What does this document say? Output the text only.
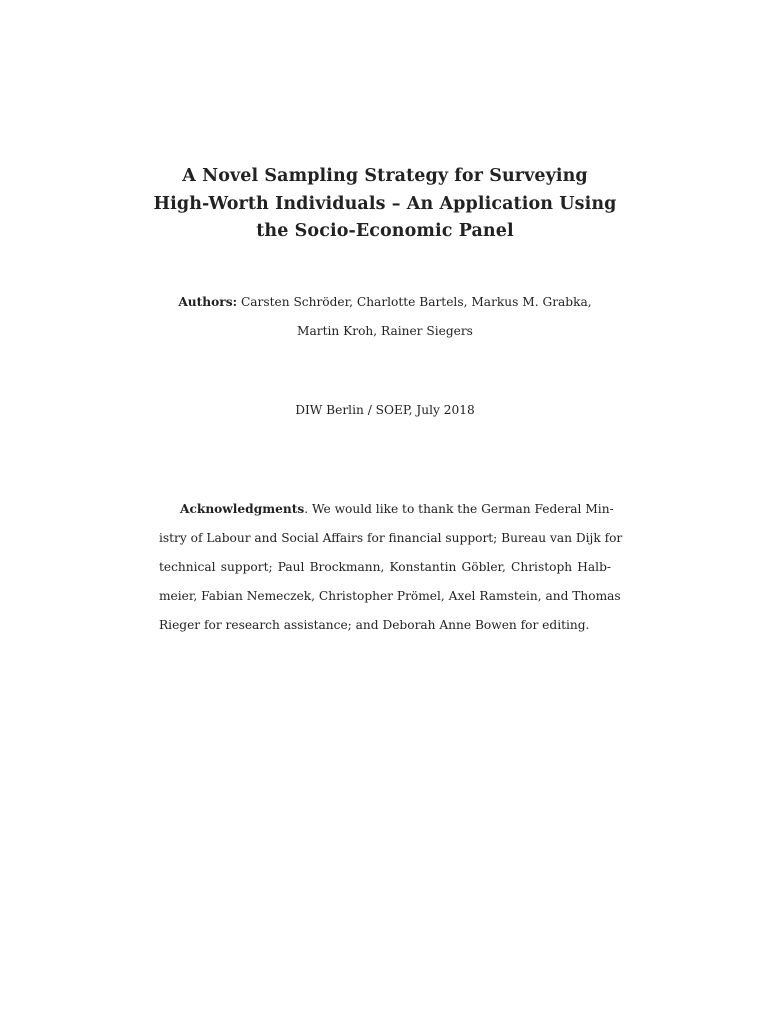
A Novel Sampling Strategy for Surveying
High-Worth Individuals – An Application Using
the Socio-Economic Panel
Authors: Carsten Schröder, Charlotte Bartels, Markus M. Grabka,
Martin Kroh, Rainer Siegers
DIW Berlin / SOEP, July 2018
Acknowledgments. We would like to thank the German Federal Min-
istry of Labour and Social Affairs for financial support; Bureau van Dijk for
technical support; Paul Brockmann, Konstantin Göbler, Christoph Halb-
meier, Fabian Nemeczek, Christopher Prömel, Axel Ramstein, and Thomas
Rieger for research assistance; and Deborah Anne Bowen for editing.
